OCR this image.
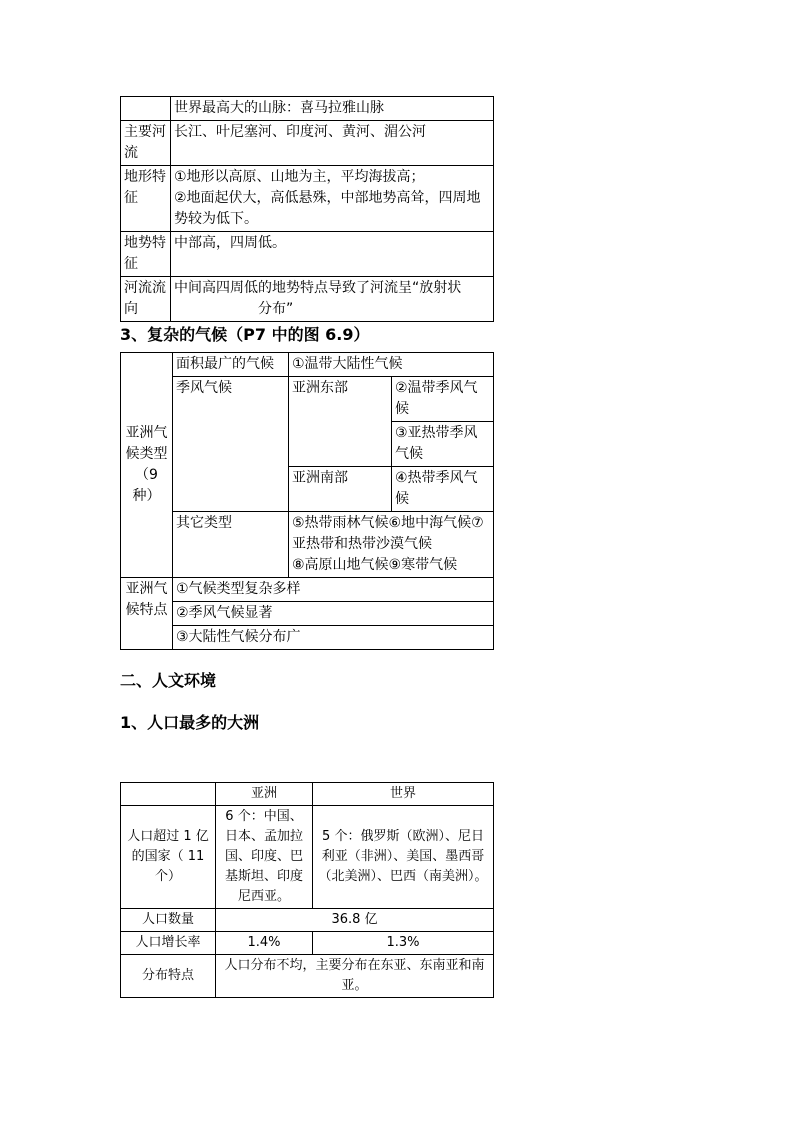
	世界最高大的山脉：喜马拉雅山脉
主要河流	长江、叶尼塞河、印度河、黄河、湄公河
地形特征	①地形以高原、山地为主，平均海拔高；
②地面起伏大，高低悬殊，中部地势高耸，四周地势较为低下。

地势特征	中部高，四周低。
河流流向	中间高四周低的地势特点导致了河流呈“放射状
分布”
3、复杂的气候（P7 中的图 6.9）
亚洲气候类型（9 种）	面积最广的气候	①温带大陆性气候	
	季风气候	亚洲东部	②温带季风气候
			③亚热带季风气候
		亚洲南部	④热带季风气候
	其它类型	⑤热带雨林气候⑥地中海气候⑦亚热带和热带沙漠气候
⑧高原山地气候⑨寒带气候	

亚洲气候特点	①气候类型复杂多样		
	②季风气候显著		
	③大陆性气候分布广		
二、人文环境
1、人口最多的大洲
	亚洲	世界
人口超过 1 亿的国家（ 11 个）	6 个：中国、日本、孟加拉国、印度、巴基斯坦、印度尼西亚。	5 个：俄罗斯（欧洲）、尼日利亚（非洲）、美国、墨西哥（北美洲）、巴西（南美洲）。
人口数量	36.8 亿	
人口增长率	1.4%	1.3%
分布特点	人口分布不均，主要分布在东亚、东南亚和南亚。	
